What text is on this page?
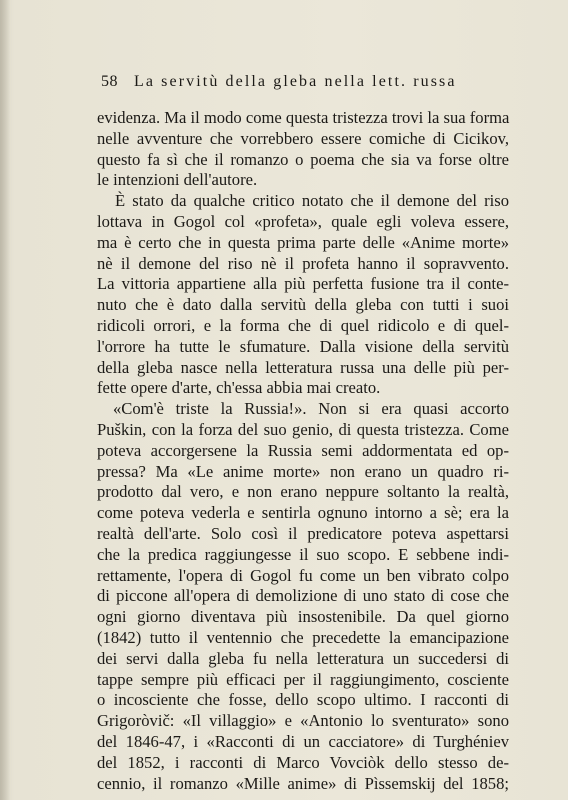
58 La servitù della gleba nella lett. russa
evidenza. Ma il modo come questa tristezza trovi la sua forma
nelle avventure che vorrebbero essere comiche di Cicikov,
questo fa sì che il romanzo o poema che sia va forse oltre
le intenzioni dell'autore.
È stato da qualche critico notato che il demone del riso
lottava in Gogol col «profeta», quale egli voleva essere,
ma è certo che in questa prima parte delle «Anime morte»
nè il demone del riso nè il profeta hanno il sopravvento.
La vittoria appartiene alla più perfetta fusione tra il conte-
nuto che è dato dalla servitù della gleba con tutti i suoi
ridicoli orrori, e la forma che di quel ridicolo e di quel-
l'orrore ha tutte le sfumature. Dalla visione della servitù
della gleba nasce nella letteratura russa una delle più per-
fette opere d'arte, ch'essa abbia mai creato.
«Com'è triste la Russia!». Non si era quasi accorto
Puškin, con la forza del suo genio, di questa tristezza. Come
poteva accorgersene la Russia semi addormentata ed op-
pressa? Ma «Le anime morte» non erano un quadro ri-
prodotto dal vero, e non erano neppure soltanto la realtà,
come poteva vederla e sentirla ognuno intorno a sè; era la
realtà dell'arte. Solo così il predicatore poteva aspettarsi
che la predica raggiungesse il suo scopo. E sebbene indi-
rettamente, l'opera di Gogol fu come un ben vibrato colpo
di piccone all'opera di demolizione di uno stato di cose che
ogni giorno diventava più insostenibile. Da quel giorno
(1842) tutto il ventennio che precedette la emancipazione
dei servi dalla gleba fu nella letteratura un succedersi di
tappe sempre più efficaci per il raggiungimento, cosciente
o incosciente che fosse, dello scopo ultimo. I racconti di
Grigoròvič: «Il villaggio» e «Antonio lo sventurato» sono
del 1846-47, i «Racconti di un cacciatore» di Turghéniev
del 1852, i racconti di Marco Vovciòk dello stesso de-
cennio, il romanzo «Mille anime» di Pìssemskij del 1858;
